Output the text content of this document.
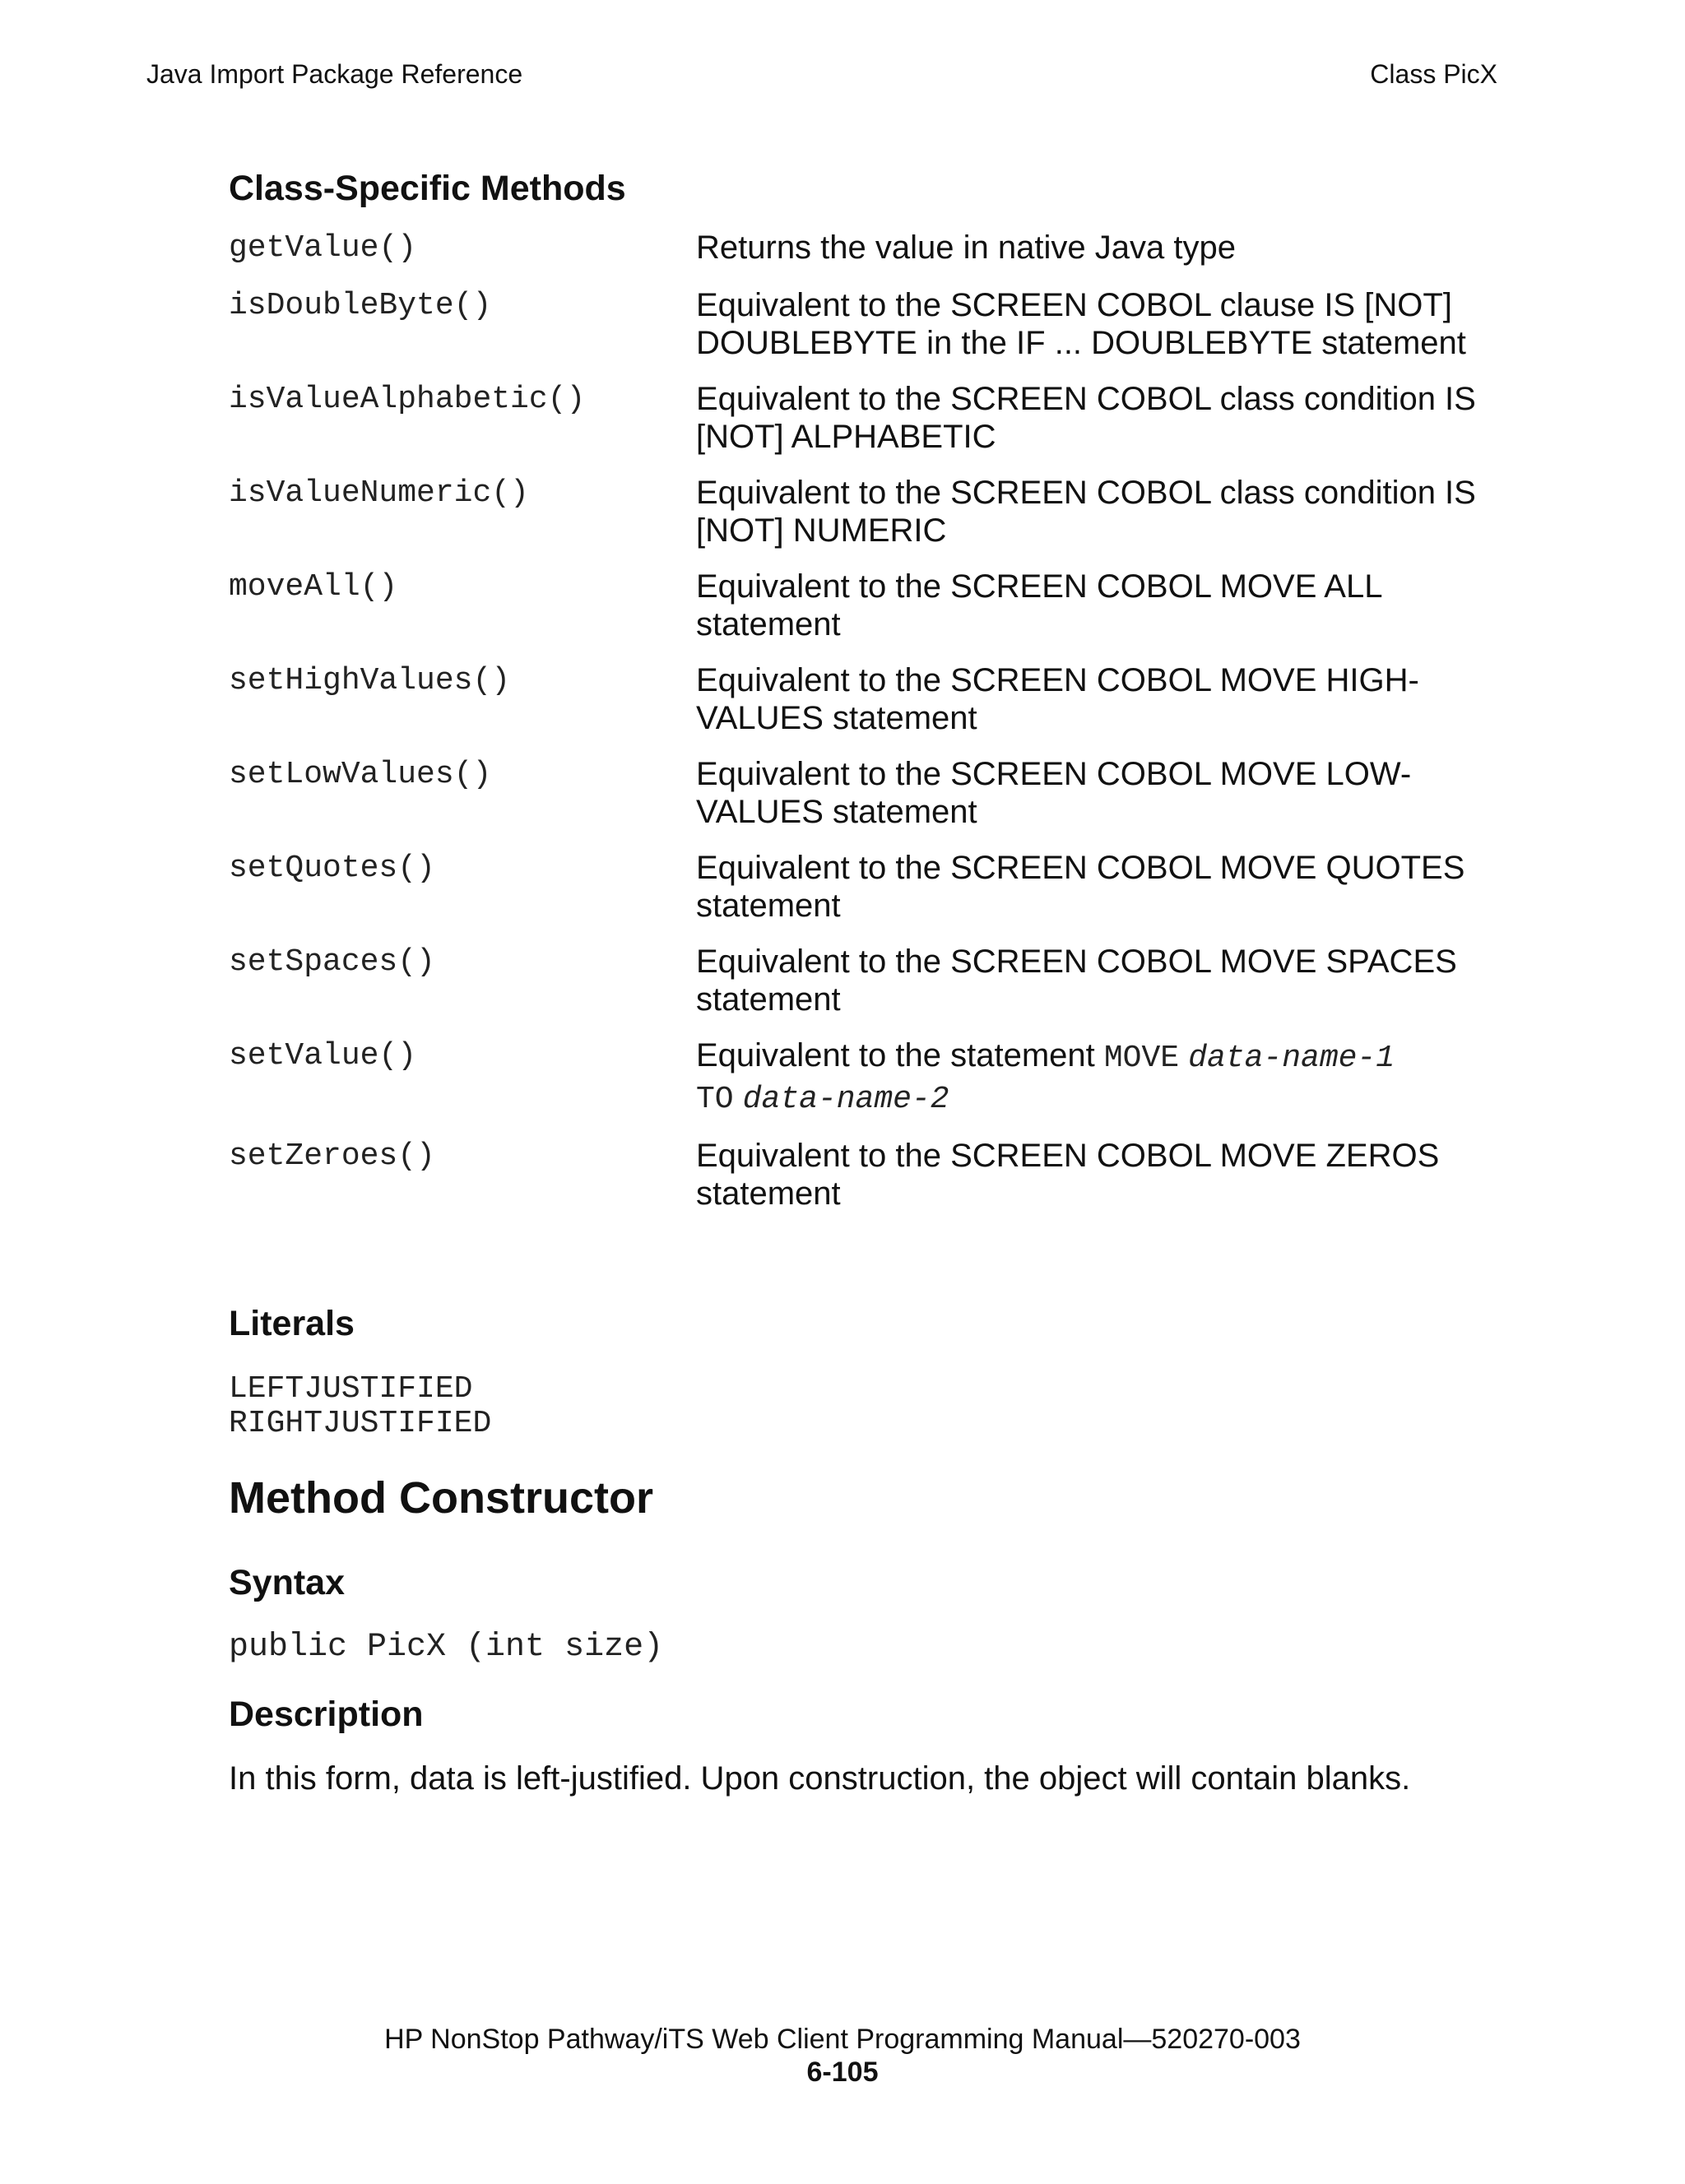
Java Import Package Reference	Class PicX
Class-Specific Methods
getValue()	Returns the value in native Java type
isDoubleByte()	Equivalent to the SCREEN COBOL clause IS [NOT] DOUBLEBYTE in the IF ... DOUBLEBYTE statement
isValueAlphabetic()	Equivalent to the SCREEN COBOL class condition IS [NOT] ALPHABETIC
isValueNumeric()	Equivalent to the SCREEN COBOL class condition IS [NOT] NUMERIC
moveAll()	Equivalent to the SCREEN COBOL MOVE ALL statement
setHighValues()	Equivalent to the SCREEN COBOL MOVE HIGH-VALUES statement
setLowValues()	Equivalent to the SCREEN COBOL MOVE LOW-VALUES statement
setQuotes()	Equivalent to the SCREEN COBOL MOVE QUOTES statement
setSpaces()	Equivalent to the SCREEN COBOL MOVE SPACES statement
setValue()	Equivalent to the statement MOVE data-name-1
TO data-name-2
setZeroes()	Equivalent to the SCREEN COBOL MOVE ZEROS statement
Literals
LEFTJUSTIFIED
RIGHTJUSTIFIED
Method Constructor
Syntax
public PicX (int size)
Description
In this form, data is left-justified. Upon construction, the object will contain blanks.
HP NonStop Pathway/iTS Web Client Programming Manual—520270-003
6-105
